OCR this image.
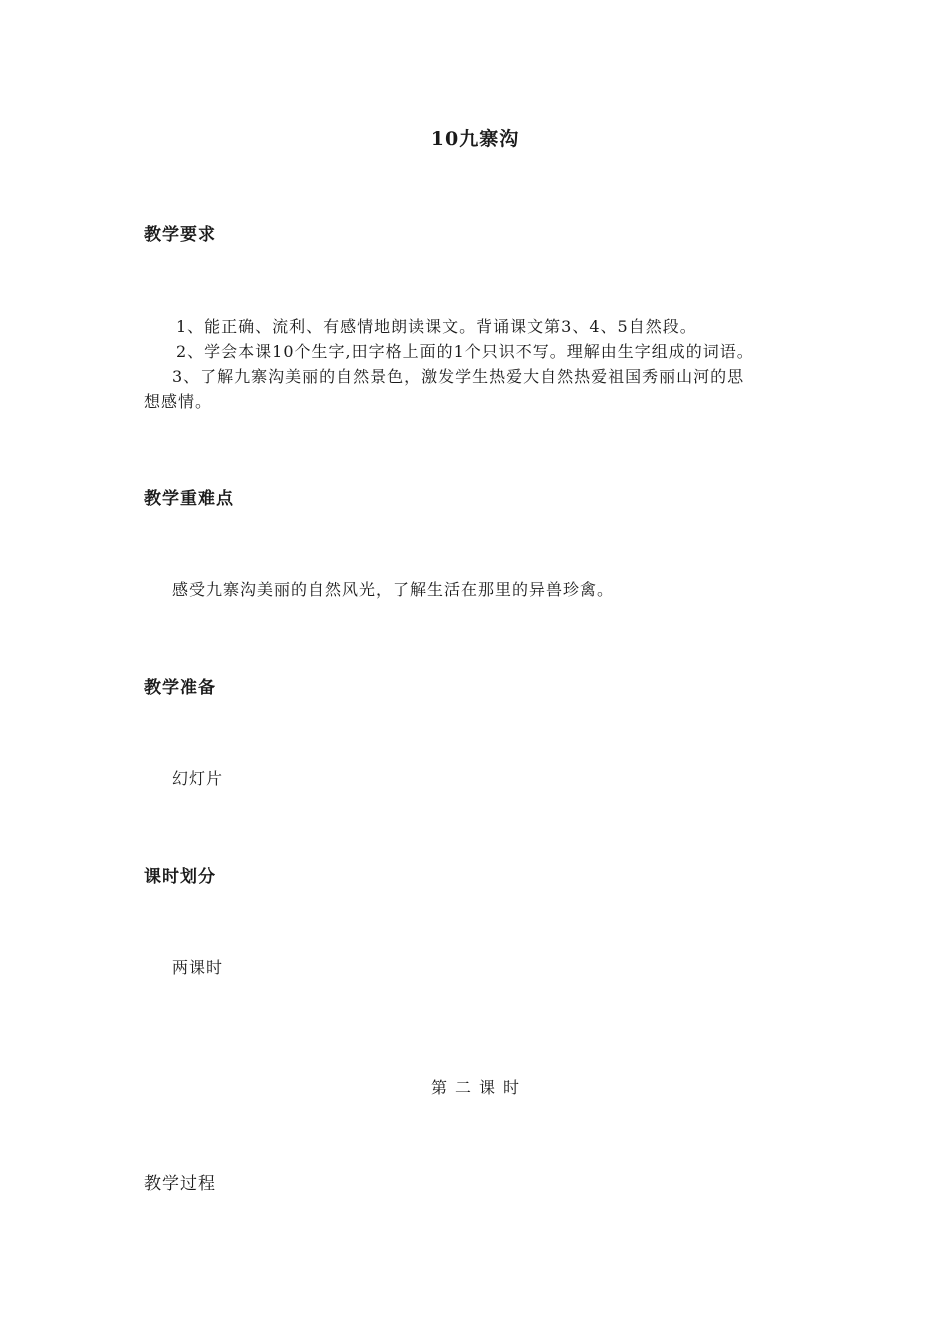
10九寨沟
教学要求
1、能正确、流利、有感情地朗读课文。背诵课文第3、4、5自然段。
2、学会本课10个生字,田字格上面的1个只识不写。理解由生字组成的词语。
3、了解九寨沟美丽的自然景色，激发学生热爱大自然热爱祖国秀丽山河的思
想感情。
教学重难点
感受九寨沟美丽的自然风光，了解生活在那里的异兽珍禽。
教学准备
幻灯片
课时划分
两课时
第二课时
教学过程
